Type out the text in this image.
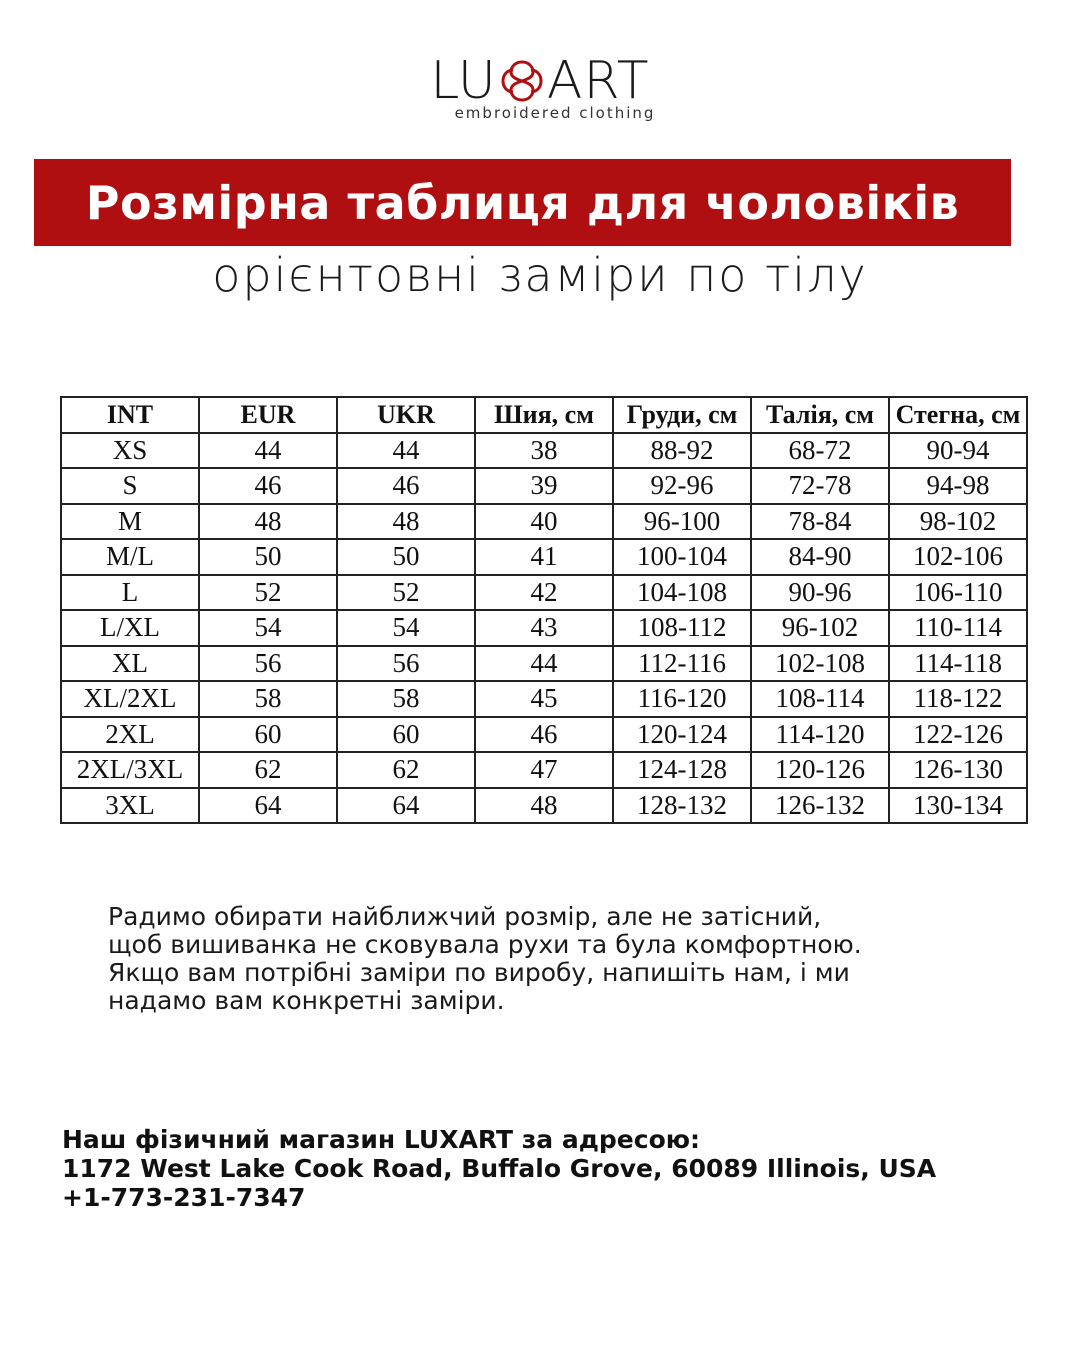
LU ART
embroidered clothing
Розмірна таблиця для чоловіків
орієнтовні заміри по тілу
INT	EUR	UKR	Шия, см	Груди, см	Талія, см	Стегна, см
XS	44	44	38	88-92	68-72	90-94
S	46	46	39	92-96	72-78	94-98
M	48	48	40	96-100	78-84	98-102
M/L	50	50	41	100-104	84-90	102-106
L	52	52	42	104-108	90-96	106-110
L/XL	54	54	43	108-112	96-102	110-114
XL	56	56	44	112-116	102-108	114-118
XL/2XL	58	58	45	116-120	108-114	118-122
2XL	60	60	46	120-124	114-120	122-126
2XL/3XL	62	62	47	124-128	120-126	126-130
3XL	64	64	48	128-132	126-132	130-134
Радимо обирати найближчий розмір, але не затісний,
щоб вишиванка не сковувала рухи та була комфортною.
Якщо вам потрібні заміри по виробу, напишіть нам, і ми
надамо вам конкретні заміри.
Наш фізичний магазин LUXART за адресою:
1172 West Lake Cook Road, Buffalo Grove, 60089 Illinois, USA
+1-773-231-7347
